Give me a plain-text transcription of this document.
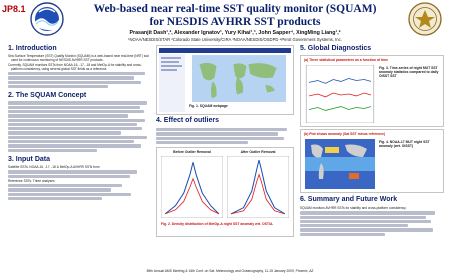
JP8.1	Web-based near real-time SST quality monitor (SQUAM)
for NESDIS AVHRR SST products
Prasanjit Dash¹,², Alexander Ignatov¹, Yury Kihai¹,³, John Sapper⁴, XingMing Liang¹,²
¹NOAA/NESDIS/STAR ²Colorado State University/CIRA ³NOAA/NESDIS/OSDPD ⁴Perot Government Systems, Inc.
1. Introduction

Sea Surface Temperature (SST) Quality Monitor (SQUAM) is a web-based near real-time (NRT) tool used for continuous monitoring of NESDIS AVHRR SST products.

Currently, SQUAM monitors SSTs from NOAA-16, -17, -18 and MetOp-A for stability and cross-platform consistency, using several global SST fields as a reference.

2. The SQUAM Concept
3. Input Data

Satellite SSTs: NOAA-16, -17, -18 & MetOp-A AVHRR SSTs from

Reference SSTs: Three analyses

Fig. 1. SQUAM webpage
4. Effect of outliers
Before Outlier Removal	After Outlier Removal
Fig. 2. Density distribution of MetOp-A night SST anomaly wrt. OSTIA.
5. Global Diagnostics
(a) Three statistical parameters as a function of time
Fig. 3. Time-series of night MUT SST anomaly statistics compared to daily OISST SST
(b) Plot shows anomaly (Sat SST minus reference)
Fig. 4. NOAA-17 MUT night SST anomaly (wrt. OISST)
6. Summary and Future Work

SQUAM monitors AVHRR SSTs for stability and cross-platform consistency.

89th Annual AMS Meeting & 16th Conf. on Sat. Meteorology and Oceanography, 11-15 January 2009, Phoenix, AZ
